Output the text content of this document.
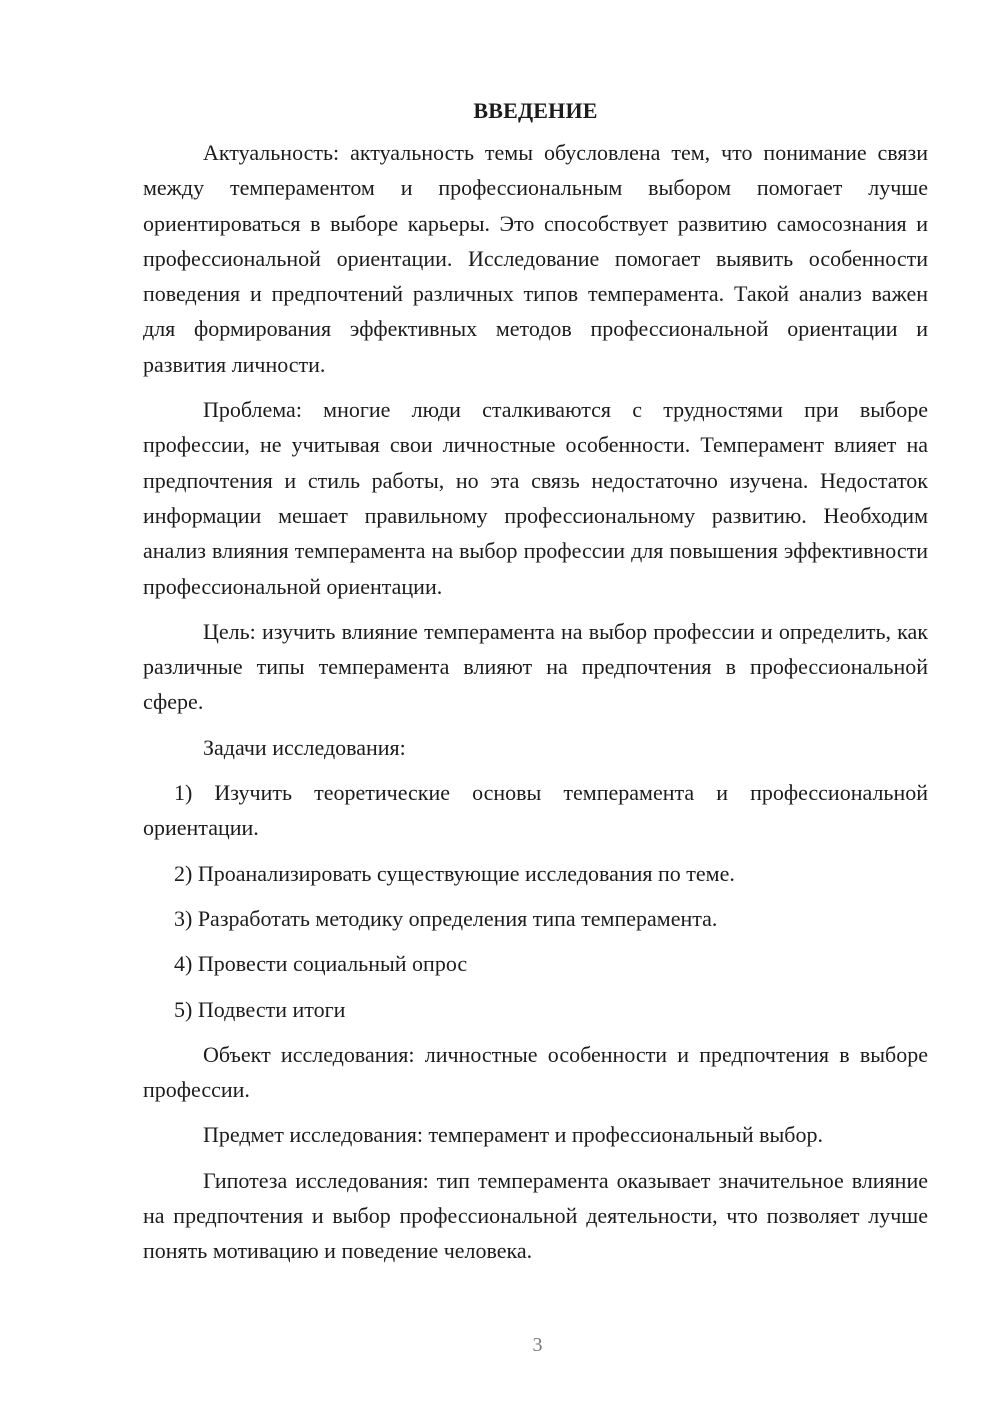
ВВЕДЕНИЕ

Актуальность: актуальность темы обусловлена тем, что понимание связи между темпераментом и профессиональным выбором помогает лучше ориентироваться в выборе карьеры. Это способствует развитию самосознания и профессиональной ориентации. Исследование помогает выявить особенности поведения и предпочтений различных типов темперамента. Такой анализ важен для формирования эффективных методов профессиональной ориентации и развития личности.

Проблема: многие люди сталкиваются с трудностями при выборе профессии, не учитывая свои личностные особенности. Темперамент влияет на предпочтения и стиль работы, но эта связь недостаточно изучена. Недостаток информации мешает правильному профессиональному развитию. Необходим анализ влияния темперамента на выбор профессии для повышения эффективности профессиональной ориентации.

Цель: изучить влияние темперамента на выбор профессии и определить, как различные типы темперамента влияют на предпочтения в профессиональной сфере.

Задачи исследования:

1) Изучить теоретические основы темперамента и профессиональной ориентации.

2) Проанализировать существующие исследования по теме.

3) Разработать методику определения типа темперамента.

4) Провести социальный опрос

5) Подвести итоги

Объект исследования: личностные особенности и предпочтения в выборе профессии.

Предмет исследования: темперамент и профессиональный выбор.

Гипотеза исследования: тип темперамента оказывает значительное влияние на предпочтения и выбор профессиональной деятельности, что позволяет лучше понять мотивацию и поведение человека.

3
